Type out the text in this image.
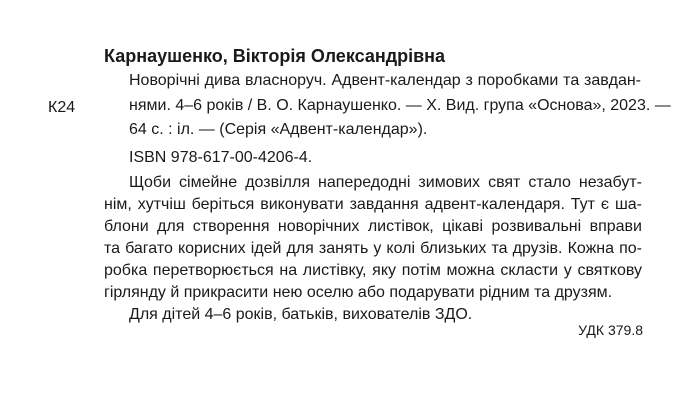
К24
Карнаушенко, Вікторія Олександрівна
Новорічні дива власноруч. Адвент-календар з поробками та завдан-
нями. 4–6 років / В. О. Карнаушенко. — Х. Вид. група «Основа», 2023. —
64 с. : іл. — (Серія «Адвент-календар»).
ISBN 978-617-00-4206-4.
Щоби сімейне дозвілля напередодні зимових свят стало незабут-
нім, хутчіш беріться виконувати завдання адвент-календаря. Тут є ша-
блони для створення новорічних листівок, цікаві розвивальні вправи
та багато корисних ідей для занять у колі близьких та друзів. Кожна по-
робка перетворюється на листівку, яку потім можна скласти у святкову
гірлянду й прикрасити нею оселю або подарувати рідним та друзям.
Для дітей 4–6 років, батьків, вихователів ЗДО.
УДК 379.8
